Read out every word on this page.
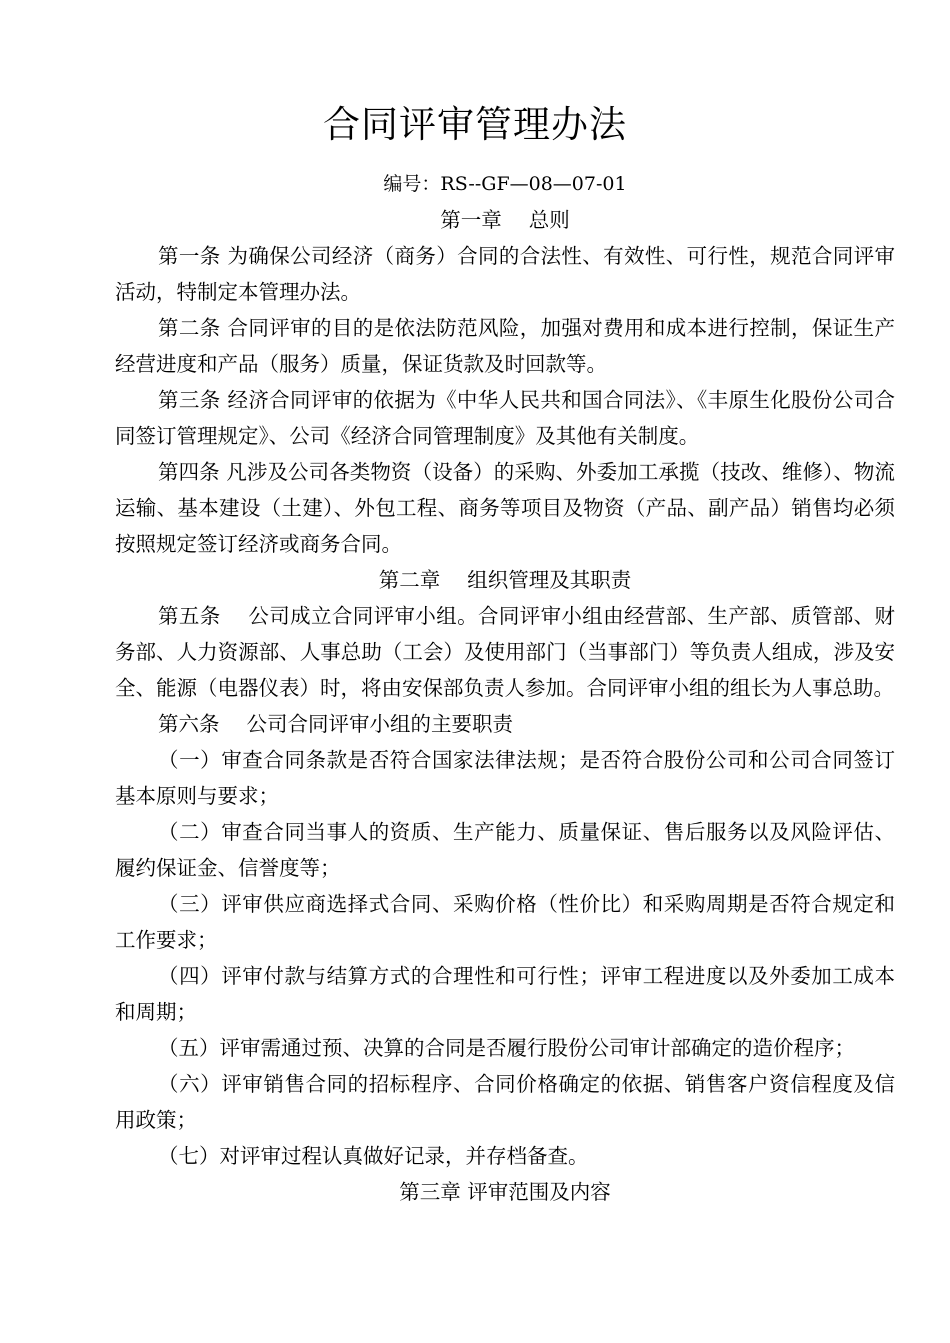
合同评审管理办法

编号：RS--GF—08—07-01

第一章　 总则

第一条 为确保公司经济（商务）合同的合法性、有效性、可行性，规范合同评审活动，特制定本管理办法。

第二条 合同评审的目的是依法防范风险，加强对费用和成本进行控制，保证生产经营进度和产品（服务）质量，保证货款及时回款等。

第三条 经济合同评审的依据为《中华人民共和国合同法》、《丰原生化股份公司合同签订管理规定》、公司《经济合同管理制度》及其他有关制度。

第四条 凡涉及公司各类物资（设备）的采购、外委加工承揽（技改、维修）、物流运输、基本建设（土建）、外包工程、商务等项目及物资（产品、副产品）销售均必须按照规定签订经济或商务合同。

第二章　 组织管理及其职责

第五条　 公司成立合同评审小组。合同评审小组由经营部、生产部、质管部、财务部、人力资源部、人事总助（工会）及使用部门（当事部门）等负责人组成，涉及安全、能源（电器仪表）时，将由安保部负责人参加。合同评审小组的组长为人事总助。

第六条　 公司合同评审小组的主要职责

（一）审查合同条款是否符合国家法律法规；是否符合股份公司和公司合同签订基本原则与要求；

（二）审查合同当事人的资质、生产能力、质量保证、售后服务以及风险评估、履约保证金、信誉度等；

（三）评审供应商选择式合同、采购价格（性价比）和采购周期是否符合规定和工作要求；

（四）评审付款与结算方式的合理性和可行性；评审工程进度以及外委加工成本和周期；

（五）评审需通过预、决算的合同是否履行股份公司审计部确定的造价程序；

（六）评审销售合同的招标程序、合同价格确定的依据、销售客户资信程度及信用政策；

（七）对评审过程认真做好记录，并存档备查。

第三章 评审范围及内容
